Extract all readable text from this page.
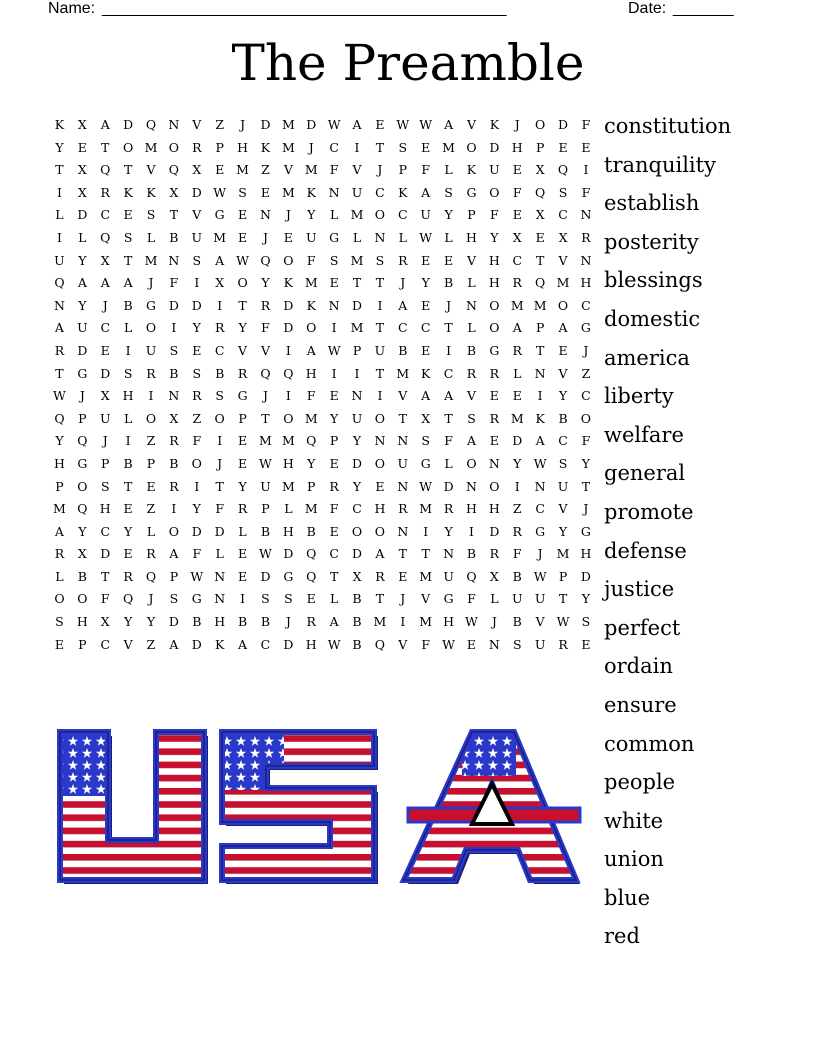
Name: _______________________________________________	Date: _______
The Preamble
K	X	A	D	Q N	V	Z	J	D M D W A	E W W A	V	K	J	O	D	F
Y	E	T	O M O	R	P	H	K M	J	C	I	T	S	E M O	D H	P	E	E
T	X	Q	T	V	Q	X	E M Z	V M F	V	J	P	F	L	K	U	E	X	Q	I
I	X	R	K	K	X	D W S	E M K	N U	C	K	A	S	G	O	F	Q	S	F
L	D	C	E	S	T	V	G	E	N	J	Y	L M O	C	U	Y	P	F	E	X	C	N
I	L	Q	S	L	B	U M E	J	E	U	G	L	N	L W L	H	Y	X	E	X	R
U	Y	X	T M N	S	A W Q	O	F	S M S	R	E	E	V	H	C	T	V	N
Q	A	A	A	J	F	I	X	O	Y	K M E	T	T	J	Y	B	L	H	R	Q M H
N	Y	J	B	G	D	D	I	T	R	D	K	N D	I	A	E	J	N O M M O	C
A	U	C	L	O	I	Y	R	Y	F	D	O	I	M T	C	C	T	L	O	A	P	A	G
R	D	E	I	U	S	E	C	V	V	I	A W P	U	B	E	I	B	G	R	T	E	J
T	G	D	S	R	B	S	B	R	Q	Q H	I	I	T M K	C	R	R	L	N	V	Z
W	J	X	H	I	N	R	S	G	J	I	F	E	N	I	V	A	A	V	E	E	I	Y	C
Q	P	U	L	O	X	Z	O	P	T	O M Y	U O	T	X	T	S	R M K	B	O
Y	Q	J	I	Z	R	F	I	E M M Q	P	Y	N N	S	F	A	E	D	A	C	F
H G	P	B	P	B	O	J	E W H	Y	E	D	O	U	G	L	O N	Y W S	Y
P	O	S	T	E	R	I	T	Y	U M P	R	Y	E	N W D N O	I	N U	T
M Q H	E	Z	I	Y	F	R	P	L M F	C	H	R M R	H H	Z	C	V	J
A	Y	C	Y	L	O	D	D	L	B	H	B	E	O	O N	I	Y	I	D	R	G	Y	G
R	X	D	E	R	A	F	L	E W D	Q	C	D	A	T	T	N	B	R	F	J	M H
L	B	T	R	Q	P W N	E	D	G	Q	T	X	R	E M U Q	X	B W P	D
O	O	F	Q	J	S	G N	I	S	S	E	L	B	T	J	V	G	F	L	U U	T	Y
S	H	X	Y	Y	D	B	H	B	B	J	R	A	B M	I	M H W	J	B	V W S
E	P	C	V	Z	A	D	K	A	C	D H W B	Q	V	F W E	N	S	U	R	E
constitution
tranquility
establish
posterity
blessings
domestic
america
liberty
welfare
general
promote
defense
justice
perfect
ordain
ensure
common
people
white
union
blue
red
